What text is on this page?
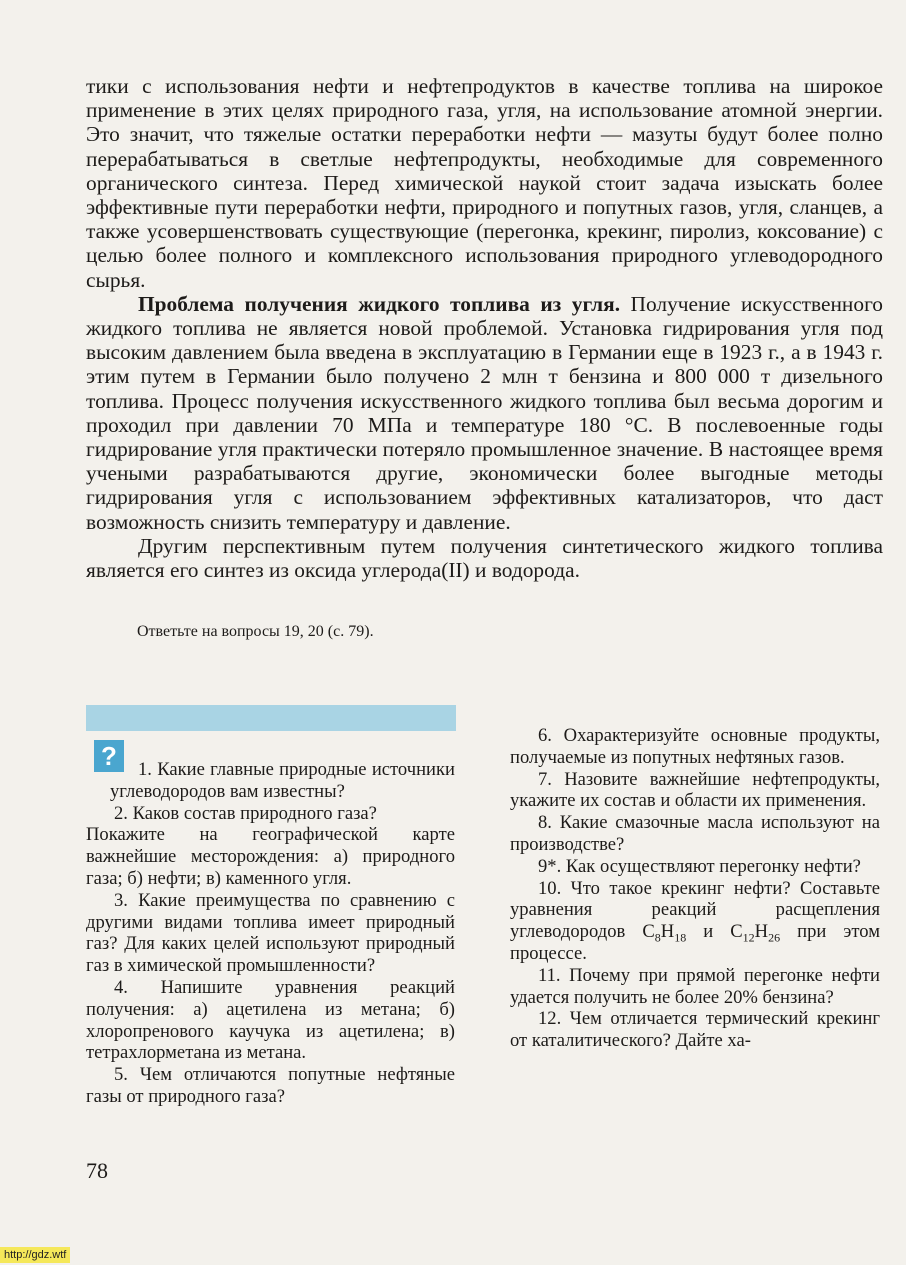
тики с использования нефти и нефтепродуктов в качестве топлива на широкое применение в этих целях природного газа, угля, на использование атомной энергии. Это значит, что тяжелые остатки переработки нефти — мазуты будут более полно перерабатываться в светлые нефтепродукты, необходимые для современного органического синтеза. Перед химической наукой стоит задача изыскать более эффективные пути переработки нефти, природного и попутных газов, угля, сланцев, а также усовершенствовать существующие (перегонка, крекинг, пиролиз, коксование) с целью более полного и комплексного использования природного углеводородного сырья.

Проблема получения жидкого топлива из угля. Получение искусственного жидкого топлива не является новой проблемой. Установка гидрирования угля под высоким давлением была введена в эксплуатацию в Германии еще в 1923 г., а в 1943 г. этим путем в Германии было получено 2 млн т бензина и 800 000 т дизельного топлива. Процесс получения искусственного жидкого топлива был весьма дорогим и проходил при давлении 70 МПа и температуре 180 °С. В послевоенные годы гидрирование угля практически потеряло промышленное значение. В настоящее время учеными разрабатываются другие, экономически более выгодные методы гидрирования угля с использованием эффективных катализаторов, что даст возможность снизить температуру и давление.

Другим перспективным путем получения синтетического жидкого топлива является его синтез из оксида углерода(II) и водорода.

Ответьте на вопросы 19, 20 (с. 79).
?	1. Какие главные природные источники углеводородов вам известны?

2. Каков состав природного газа?

Покажите на географической карте важнейшие месторождения: а) природного газа; б) нефти; в) каменного угля.

3. Какие преимущества по сравнению с другими видами топлива имеет природный газ? Для каких целей используют природный газ в химической промышленности?

4. Напишите уравнения реакций получения: а) ацетилена из метана; б) хлоропренового каучука из ацетилена; в) тетрахлорметана из метана.

5. Чем отличаются попутные нефтяные газы от природного газа?

6. Охарактеризуйте основные продукты, получаемые из попутных нефтяных газов.

7. Назовите важнейшие нефтепродукты, укажите их состав и области их применения.

8. Какие смазочные масла используют на производстве?

9*. Как осуществляют перегонку нефти?

10. Что такое крекинг нефти? Составьте уравнения реакций расщепления углеводородов $C_8H_{18}$ и $C_{12}H_{26}$ при этом процессе.

11. Почему при прямой перегонке нефти удается получить не более 20% бензина?

12. Чем отличается термический крекинг от каталитического? Дайте ха-

78
http://gdz.wtf
